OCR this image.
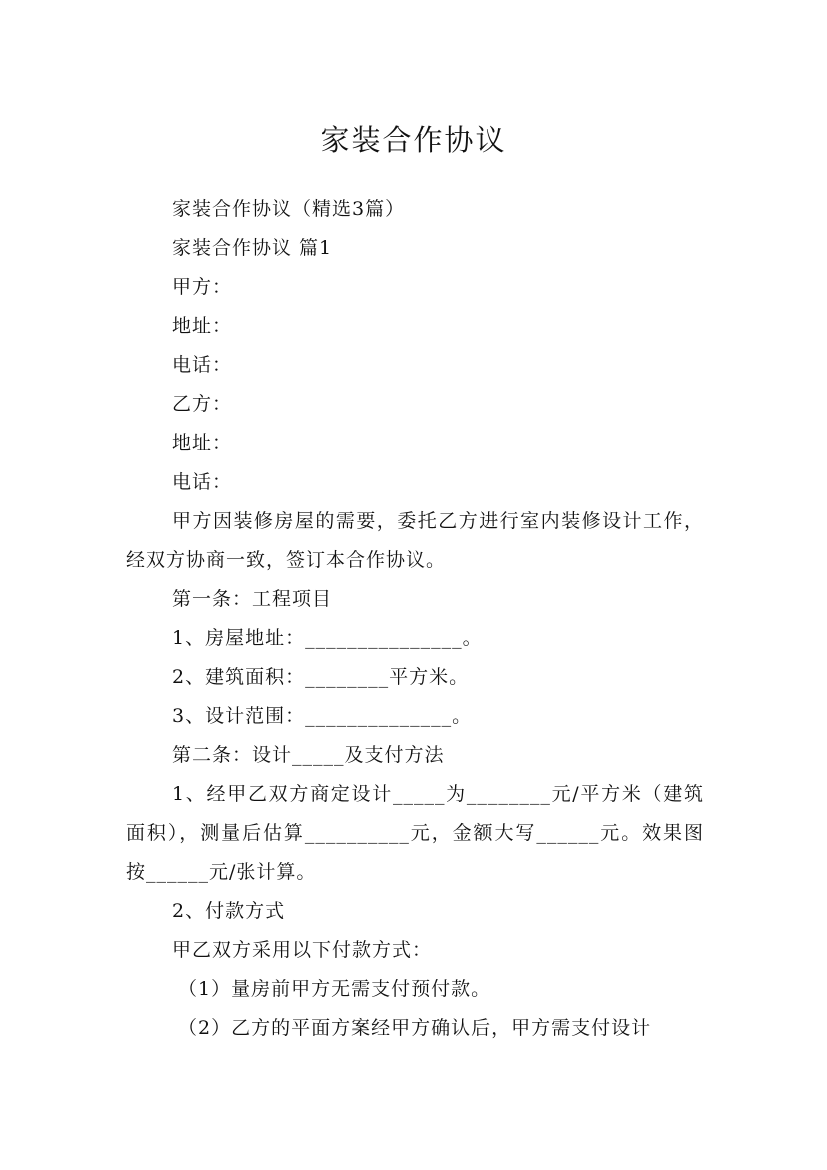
家装合作协议

家装合作协议（精选3篇）

家装合作协议 篇1

甲方：

地址：

电话：

乙方：

地址：

电话：

甲方因装修房屋的需要，委托乙方进行室内装修设计工作，经双方协商一致，签订本合作协议。

第一条：工程项目

1、房屋地址：_______________。

2、建筑面积：________平方米。

3、设计范围：______________。

第二条：设计_____及支付方法

1、经甲乙双方商定设计_____为________元/平方米（建筑面积），测量后估算__________元，金额大写______元。效果图按______元/张计算。

2、付款方式

甲乙双方采用以下付款方式：

（1）量房前甲方无需支付预付款。

（2）乙方的平面方案经甲方确认后，甲方需支付设计
